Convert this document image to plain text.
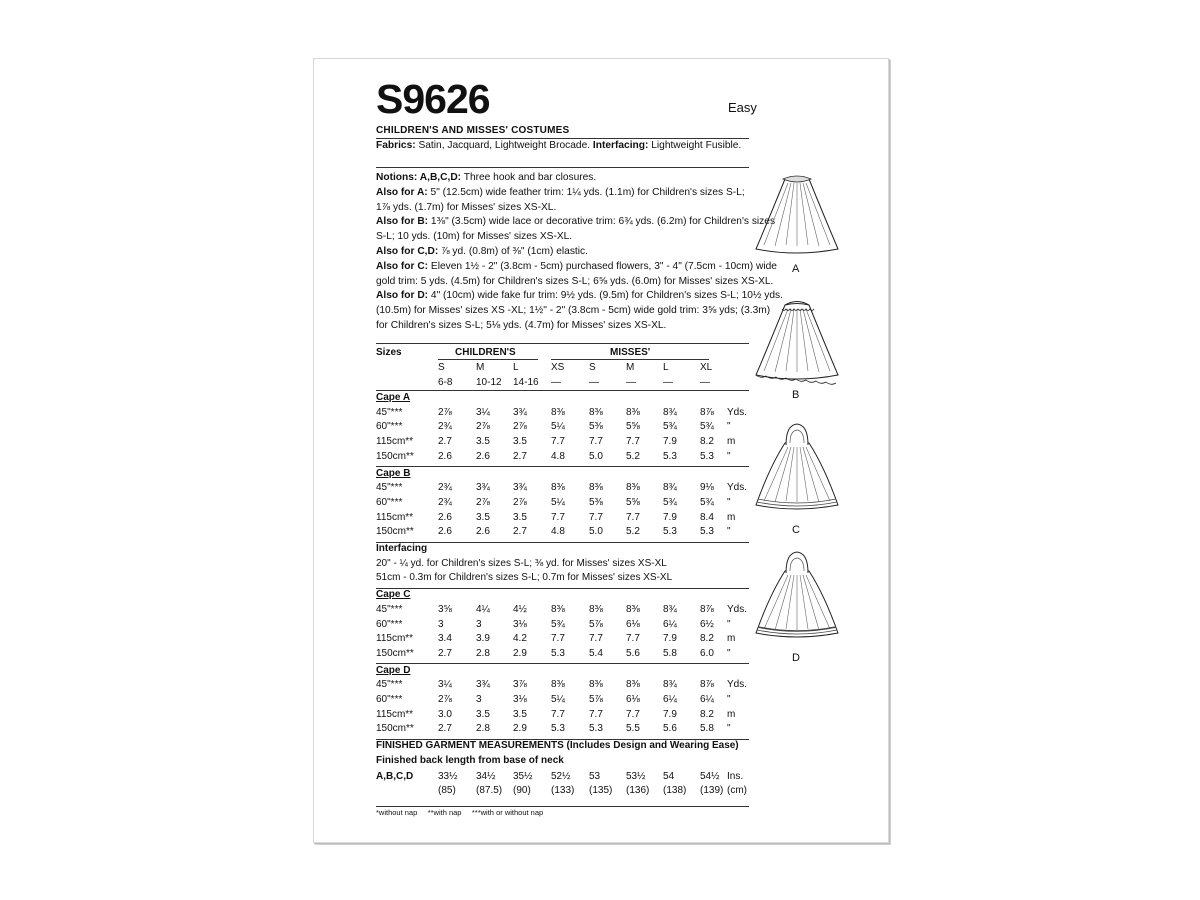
S9626	Easy
CHILDREN'S AND MISSES' COSTUMES
Fabrics: Satin, Jacquard, Lightweight Brocade. Interfacing: Lightweight Fusible.
Notions: A,B,C,D: Three hook and bar closures.
Also for A: 5" (12.5cm) wide feather trim: 1¼ yds. (1.1m) for Children's sizes S-L;
1⅞ yds. (1.7m) for Misses' sizes XS-XL.
Also for B: 1⅜" (3.5cm) wide lace or decorative trim: 6¾ yds. (6.2m) for Children's sizes
S-L; 10 yds. (10m) for Misses' sizes XS-XL.
Also for C,D: ⅞ yd. (0.8m) of ⅜" (1cm) elastic.
Also for C: Eleven 1½ - 2" (3.8cm - 5cm) purchased flowers, 3" - 4" (7.5cm - 10cm) wide
gold trim: 5 yds. (4.5m) for Children's sizes S-L; 6⅝ yds. (6.0m) for Misses' sizes XS-XL.
Also for D: 4" (10cm) wide fake fur trim: 9½ yds. (9.5m) for Children's sizes S-L; 10½ yds.
(10.5m) for Misses' sizes XS -XL; 1½" - 2" (3.8cm - 5cm) wide gold trim: 3⅝ yds; (3.3m)
for Children's sizes S-L; 5⅛ yds. (4.7m) for Misses' sizes XS-XL.
Sizes	CHILDREN'S	MISSES'
S	M	L	XS S	M	L	XL
6-8 10-12 14-16 —	—	—	—	—
Cape A
45"***	2⅞ 3¼ 3¾ 8⅜ 8⅜ 8⅜ 8¾ 8⅞ Yds.
60"***	2¾ 2⅞ 2⅞ 5¼ 5⅜ 5⅝ 5¾ 5¾ "
115cm** 2.7 3.5 3.5 7.7 7.7 7.7 7.9 8.2 m
150cm** 2.6 2.6 2.7 4.8 5.0 5.2 5.3 5.3 "
Cape B
45"***	2¾ 3¾ 3¾ 8⅜ 8⅜ 8⅜ 8¾ 9⅛ Yds.
60"***	2¾ 2⅞ 2⅞ 5¼ 5⅜ 5⅝ 5¾ 5¾ "
115cm** 2.6 3.5 3.5 7.7 7.7 7.7 7.9 8.4 m
150cm** 2.6 2.6 2.7 4.8 5.0 5.2 5.3 5.3 "
Interfacing
20" - ¼ yd. for Children's sizes S-L; ⅜ yd. for Misses' sizes XS-XL
51cm - 0.3m for Children's sizes S-L; 0.7m for Misses' sizes XS-XL
Cape C
45"***	3⅝ 4¼ 4½ 8⅜ 8⅜ 8⅜ 8¾ 8⅞ Yds.
60"***	3	3	3⅛ 5¾ 5⅞ 6⅛ 6¼ 6½ "
115cm** 3.4 3.9 4.2 7.7 7.7 7.7 7.9 8.2 m
150cm** 2.7 2.8 2.9 5.3 5.4 5.6 5.8 6.0 "
Cape D
45"***	3¼ 3¾ 3⅞ 8⅜ 8⅜ 8⅜ 8¾ 8⅞ Yds.
60"***	2⅞ 3	3⅛ 5¼ 5⅞ 6⅛ 6¼ 6¼ "
115cm** 3.0 3.5 3.5 7.7 7.7 7.7 7.9 8.2 m
150cm** 2.7 2.8 2.9 5.3 5.3 5.5 5.6 5.8 "
FINISHED GARMENT MEASUREMENTS (Includes Design and Wearing Ease)
Finished back length from base of neck
A,B,C,D 33½ 34½ 35½ 52½ 53	53½ 54	54½ Ins.
(85) (87.5) (90) (133) (135) (136) (138) (139) (cm)
A
B
C
D
*without nap     **with nap     ***with or without nap
